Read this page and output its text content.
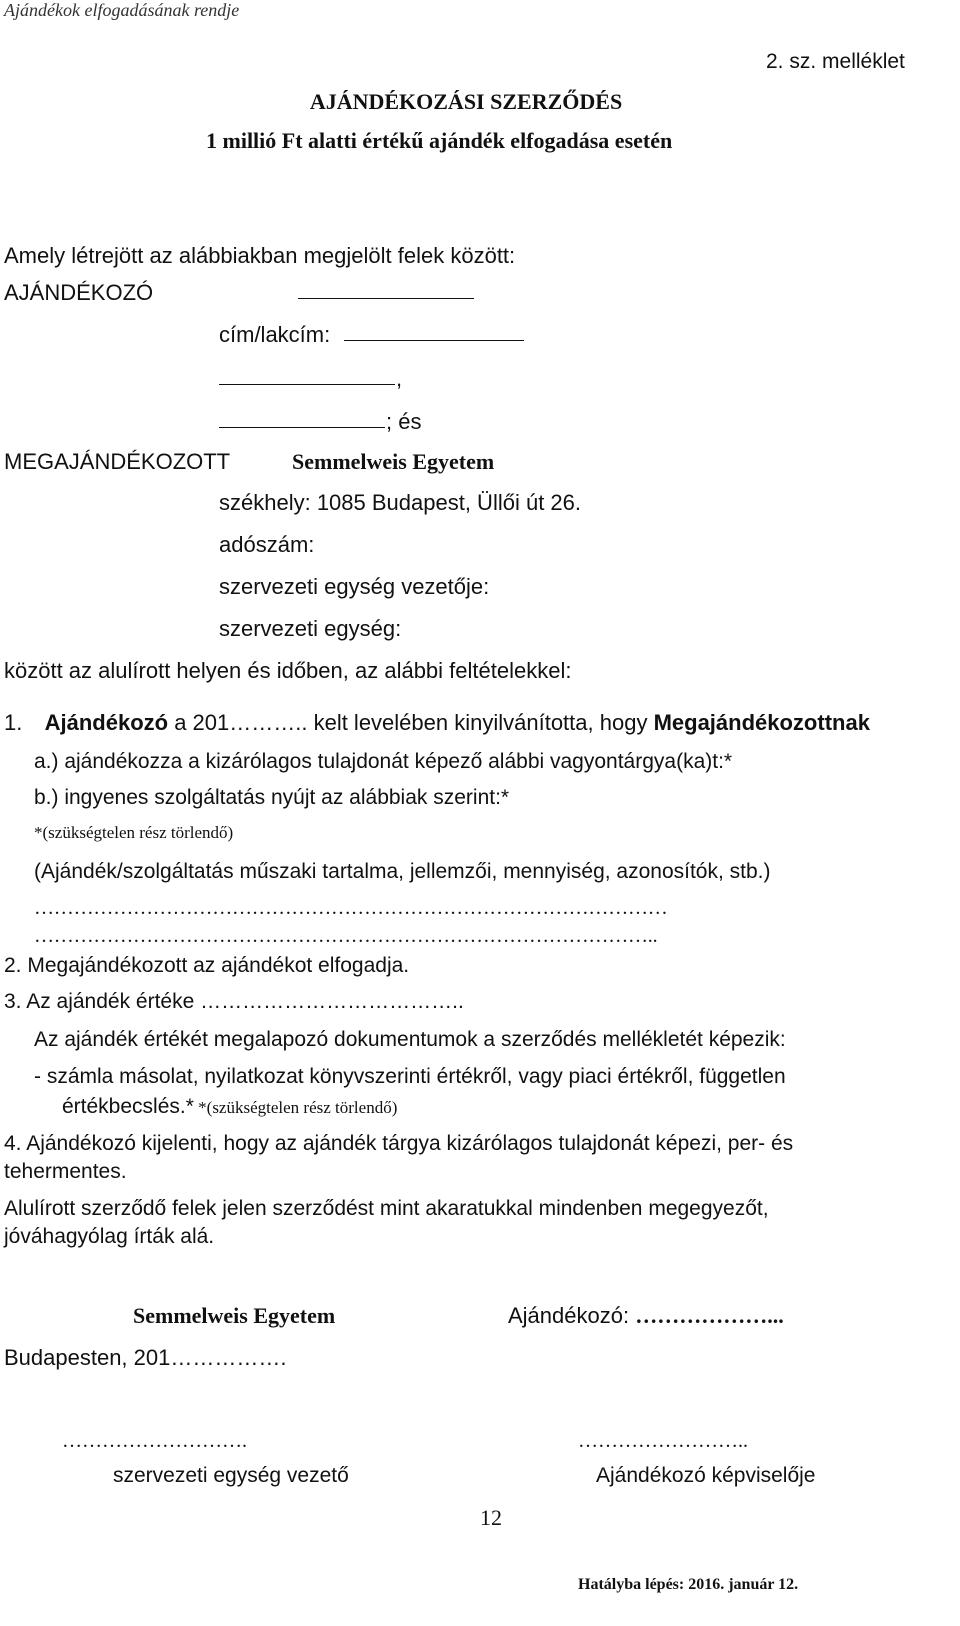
Ajándékok elfogadásának rendje
2. sz. melléklet
AJÁNDÉKOZÁSI SZERZŐDÉS
1 millió Ft alatti értékű ajándék elfogadása esetén
Amely létrejött az alábbiakban megjelölt felek között:
AJÁNDÉKOZÓ
cím/lakcím:
,
; és
MEGAJÁNDÉKOZOTT	Semmelweis Egyetem
székhely: 1085 Budapest, Üllői út 26.
adószám:
szervezeti egység vezetője:
szervezeti egység:
között az alulírott helyen és időben, az alábbi feltételekkel:
1. Ajándékozó a 201……….. kelt levelében kinyilvánította, hogy Megajándékozottnak
a.) ajándékozza a kizárólagos tulajdonát képező alábbi vagyontárgya(ka)t:*
b.) ingyenes szolgáltatás nyújt az alábbiak szerint:*
*(szükségtelen rész törlendő)
(Ajándék/szolgáltatás műszaki tartalma, jellemzői, mennyiség, azonosítók, stb.)
……………………………………………………………………………………
…………………………………………………………………………………..
2. Megajándékozott az ajándékot elfogadja.
3. Az ajándék értéke ………………………………..
Az ajándék értékét megalapozó dokumentumok a szerződés mellékletét képezik:
- számla másolat, nyilatkozat könyvszerinti értékről, vagy piaci értékről, független
értékbecslés.* *(szükségtelen rész törlendő)
4. Ajándékozó kijelenti, hogy az ajándék tárgya kizárólagos tulajdonát képezi, per- és
tehermentes.
Alulírott szerződő felek jelen szerződést mint akaratukkal mindenben megegyezőt,
jóváhagyólag írták alá.
Semmelweis Egyetem	Ajándékozó: ………………...
Budapesten, 201…………….
……………………….	……………………..
szervezeti egység vezető	Ajándékozó képviselője
12
Hatályba lépés: 2016. január 12.
